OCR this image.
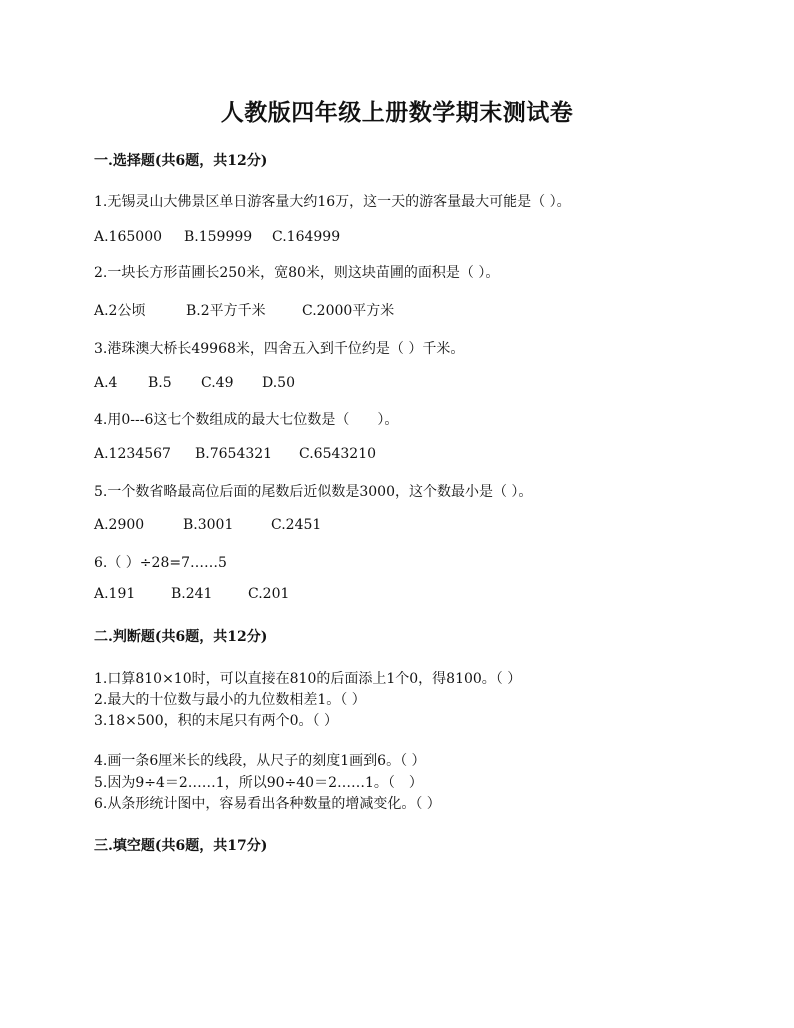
人教版四年级上册数学期末测试卷
一.选择题(共6题，共12分)
1.无锡灵山大佛景区单日游客量大约16万，这一天的游客量最大可能是（ ）。
A.165000 B.159999 C.164999
2.一块长方形苗圃长250米，宽80米，则这块苗圃的面积是（ ）。
A.2公顷	B.2平方千米	C.2000平方米
3.港珠澳大桥长49968米，四舍五入到千位约是（ ）千米。
A.4 B.5 C.49 D.50
4.用0---6这七个数组成的最大七位数是（　　）。
A.1234567 B.7654321 C.6543210
5.一个数省略最高位后面的尾数后近似数是3000，这个数最小是（ ）。
A.2900	B.3001	C.2451
6.（ ）÷28=7……5
A.191	B.241	C.201
二.判断题(共6题，共12分)
1.口算810×10时，可以直接在810的后面添上1个0，得8100。（ ）
2.最大的十位数与最小的九位数相差1。（ ）
3.18×500，积的末尾只有两个0。（ ）
4.画一条6厘米长的线段，从尺子的刻度1画到6。（ ）
5.因为9÷4＝2……1，所以90÷40＝2……1。（　）
6.从条形统计图中，容易看出各种数量的增减变化。（ ）
三.填空题(共6题，共17分)
